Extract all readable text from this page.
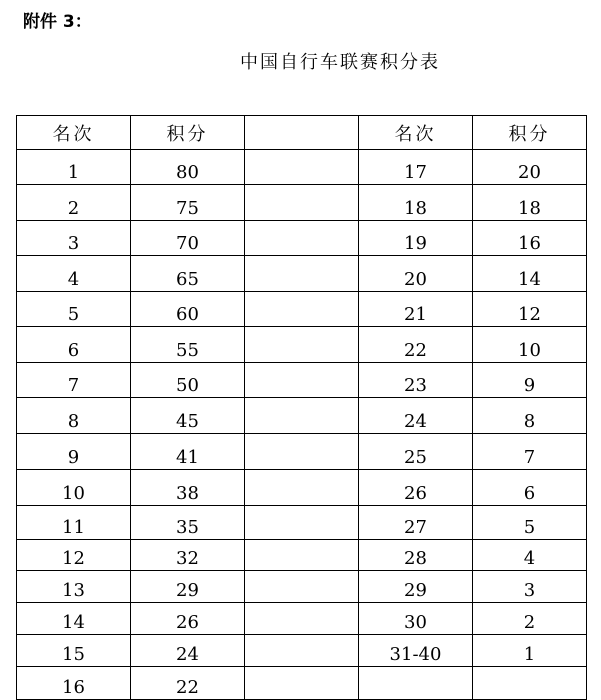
附件 3：
中国自行车联赛积分表
名次	积分		名次	积分
1	80		17	20
2	75		18	18
3	70		19	16
4	65		20	14
5	60		21	12
6	55		22	10
7	50		23	9
8	45		24	8
9	41		25	7
10	38		26	6
11	35		27	5
12	32		28	4
13	29		29	3
14	26		30	2
15	24		31-40	1
16	22			
